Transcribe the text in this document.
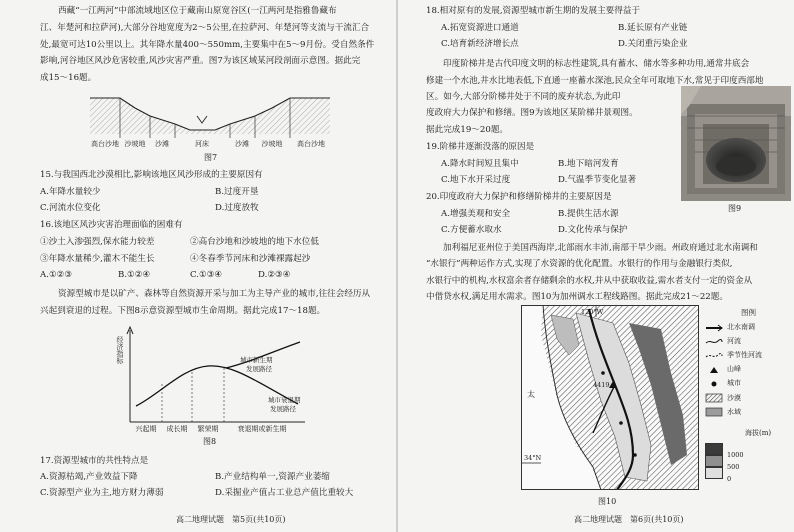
西藏“一江两河”中部流域地区位于藏南山原宽谷区(一江两河是指雅鲁藏布
江、年楚河和拉萨河),大部分谷地宽度为2～5公里,在拉萨河、年楚河等支流与干流汇合
处,最宽可达10公里以上。其年降水量400～550mm,主要集中在5～9月份。受自然条件
影响,河谷地区风沙危害较重,风沙灾害严重。图7为该区域某河段剖面示意图。据此完
成15～16题。
高台沙地 沙坡地 沙滩	河床	沙滩 沙坡地 高台沙地
图7
15.与我国西北沙漠相比,影响该地区风沙形成的主要原因有
A.年降水量较少	B.过度开垦
C.河流水位变化	D.过度放牧
16.该地区风沙灾害治理面临的困难有
①沙土入渗强烈,保水能力较差	②高台沙地和沙坡地的地下水位低
③年降水量稀少,灌木不能生长	④冬春季节河床和沙滩裸露起沙
A.①②③	B.①②④	C.①③④	D.②③④
资源型城市是以矿产、森林等自然资源开采与加工为主导产业的城市,往往会经历从
兴起到衰退的过程。下图8示意资源型城市生命周期。据此完成17～18题。
经济指标	城市新生期
发展路径
城市衰退期
发展路径
兴起期 成长期 繁荣期	衰退期或新生期
图8
17.资源型城市的共性特点是
A.资源枯竭,产业效益下降	B.产业结构单一,资源产业萎缩
C.资源型产业为主,地方财力薄弱	D.采掘业产值占工业总产值比重较大
高二地理试题　第5页(共10页)
18.相对原有的发展,资源型城市新生期的发展主要得益于
A.拓宽资源进口通道	B.延长原有产业链
C.培育新经济增长点	D.关闭重污染企业
印度阶梯井是古代印度文明的标志性建筑,具有蓄水、储水等多种功用,通常井底会
修建一个水池,井水比地表低,下直通一座蓄水深池,民众全年可取地下水,常见于印度西部地
区。如今,大部分阶梯井处于不同的废弃状态,为此印
度政府大力保护和修缮。图9为该地区某阶梯井景观图。
据此完成19～20题。
图9
19.阶梯井逐渐没落的原因是
A.降水时间短且集中	B.地下暗河发育
C.地下水开采过度	D.气温季节变化显著
20.印度政府大力保护和修缮阶梯井的主要原因是
A.增强美观和安全	B.提供生活水源
C.方便蓄水取水	D.文化传承与保护
加利福尼亚州位于美国西海岸,北部雨水丰沛,南部干旱少雨。州政府通过北水南调和
“水银行”两种运作方式,实现了水资源的优化配置。水银行的作用与金融银行类似,
水银行中的机构,水权富余者存储剩余的水权,并从中获取收益,需水者支付一定的资金从
中借贷水权,满足用水需求。图10为加州调水工程线路图。据此完成21～22题。
120°W
4419
太
34°N
图例
北水南调
河流
季节性河流
山峰
城市
沙漠
水域
海拔(m)
1000
500
0
图10
高二地理试题　第6页(共10页)
